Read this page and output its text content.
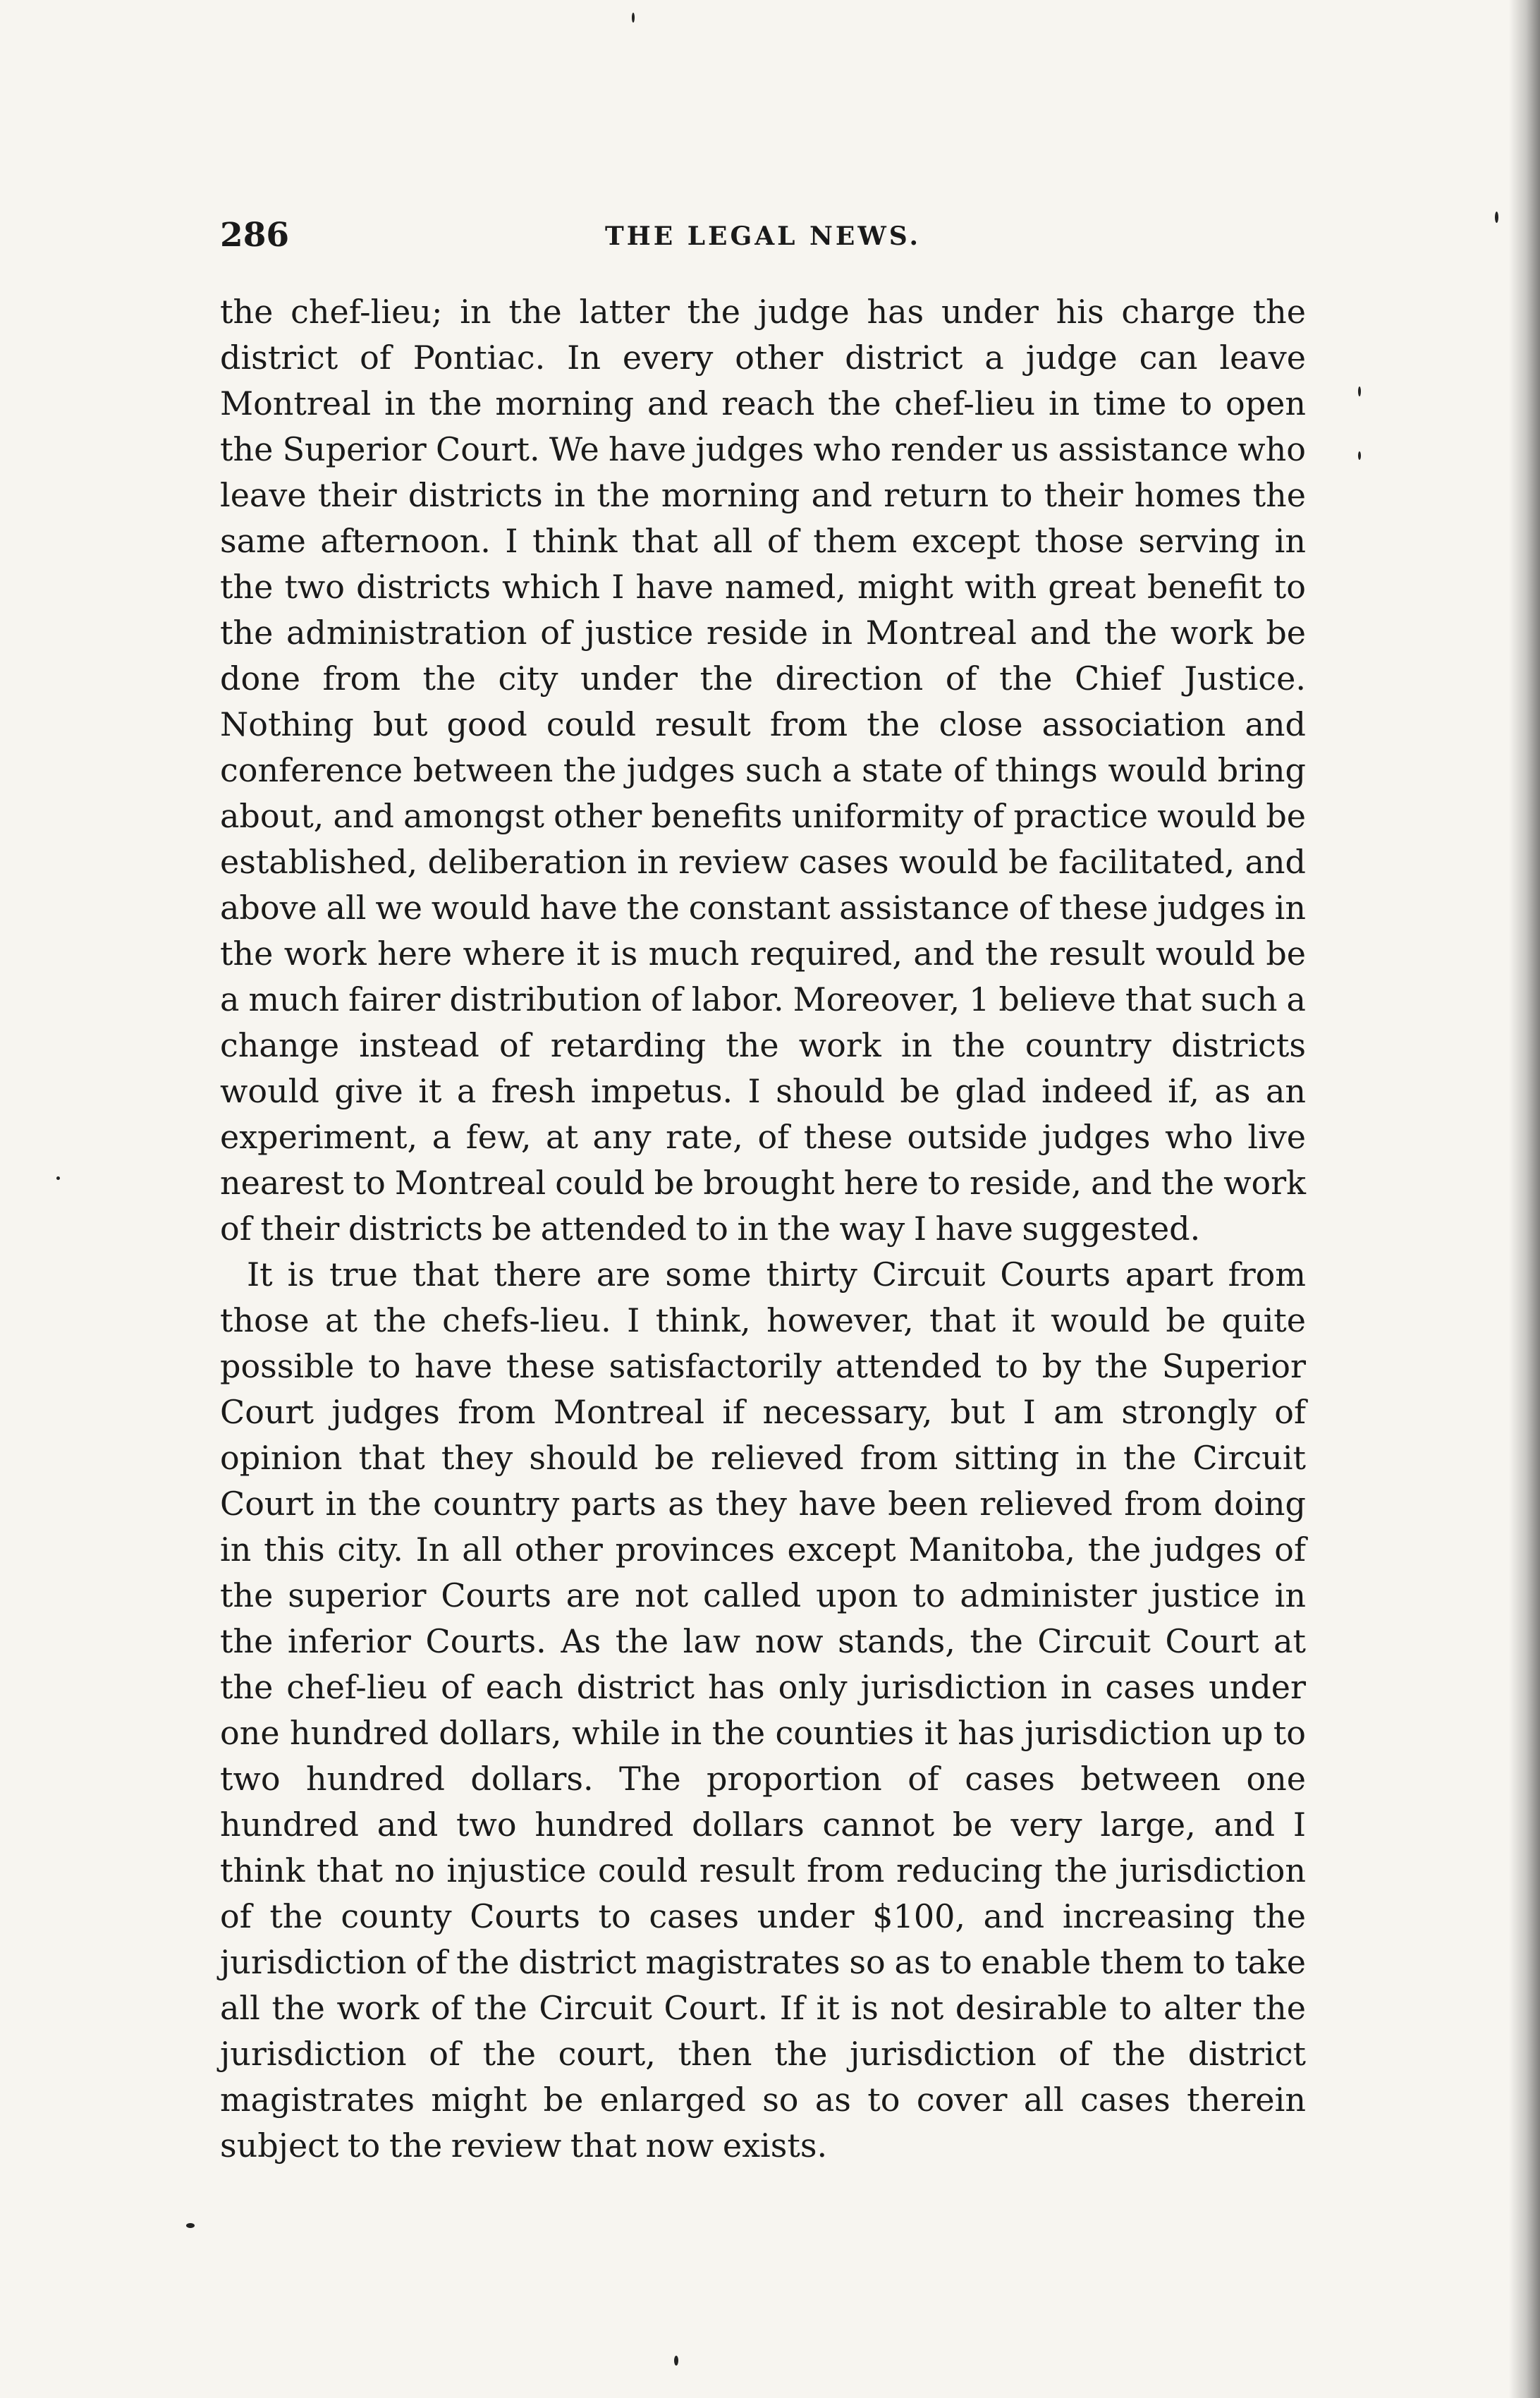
286	THE LEGAL NEWS.

the chef-lieu; in the latter the judge has under his charge the district of Pontiac. In every other district a judge can leave Montreal in the morning and reach the chef-lieu in time to open the Superior Court. We have judges who render us assistance who leave their districts in the morning and return to their homes the same afternoon. I think that all of them except those serving in the two districts which I have named, might with great benefit to the administration of justice reside in Montreal and the work be done from the city under the direction of the Chief Justice. Nothing but good could result from the close association and conference between the judges such a state of things would bring about, and amongst other benefits uniformity of practice would be established, deliberation in review cases would be facilitated, and above all we would have the constant assistance of these judges in the work here where it is much required, and the result would be a much fairer distribution of labor. Moreover, 1 believe that such a change instead of retarding the work in the country districts would give it a fresh impetus. I should be glad indeed if, as an experiment, a few, at any rate, of these outside judges who live nearest to Montreal could be brought here to reside, and the work of their districts be attended to in the way I have suggested.

It is true that there are some thirty Circuit Courts apart from those at the chefs-lieu. I think, however, that it would be quite possible to have these satisfactorily attended to by the Superior Court judges from Montreal if necessary, but I am strongly of opinion that they should be relieved from sitting in the Circuit Court in the country parts as they have been relieved from doing in this city. In all other provinces except Manitoba, the judges of the superior Courts are not called upon to administer justice in the inferior Courts. As the law now stands, the Circuit Court at the chef-lieu of each district has only jurisdiction in cases under one hundred dollars, while in the counties it has jurisdiction up to two hundred dollars. The proportion of cases between one hundred and two hundred dollars cannot be very large, and I think that no injustice could result from reducing the jurisdiction of the county Courts to cases under $100, and increasing the jurisdiction of the district magistrates so as to enable them to take all the work of the Circuit Court. If it is not desirable to alter the jurisdiction of the court, then the jurisdiction of the district magistrates might be enlarged so as to cover all cases therein subject to the review that now exists.
